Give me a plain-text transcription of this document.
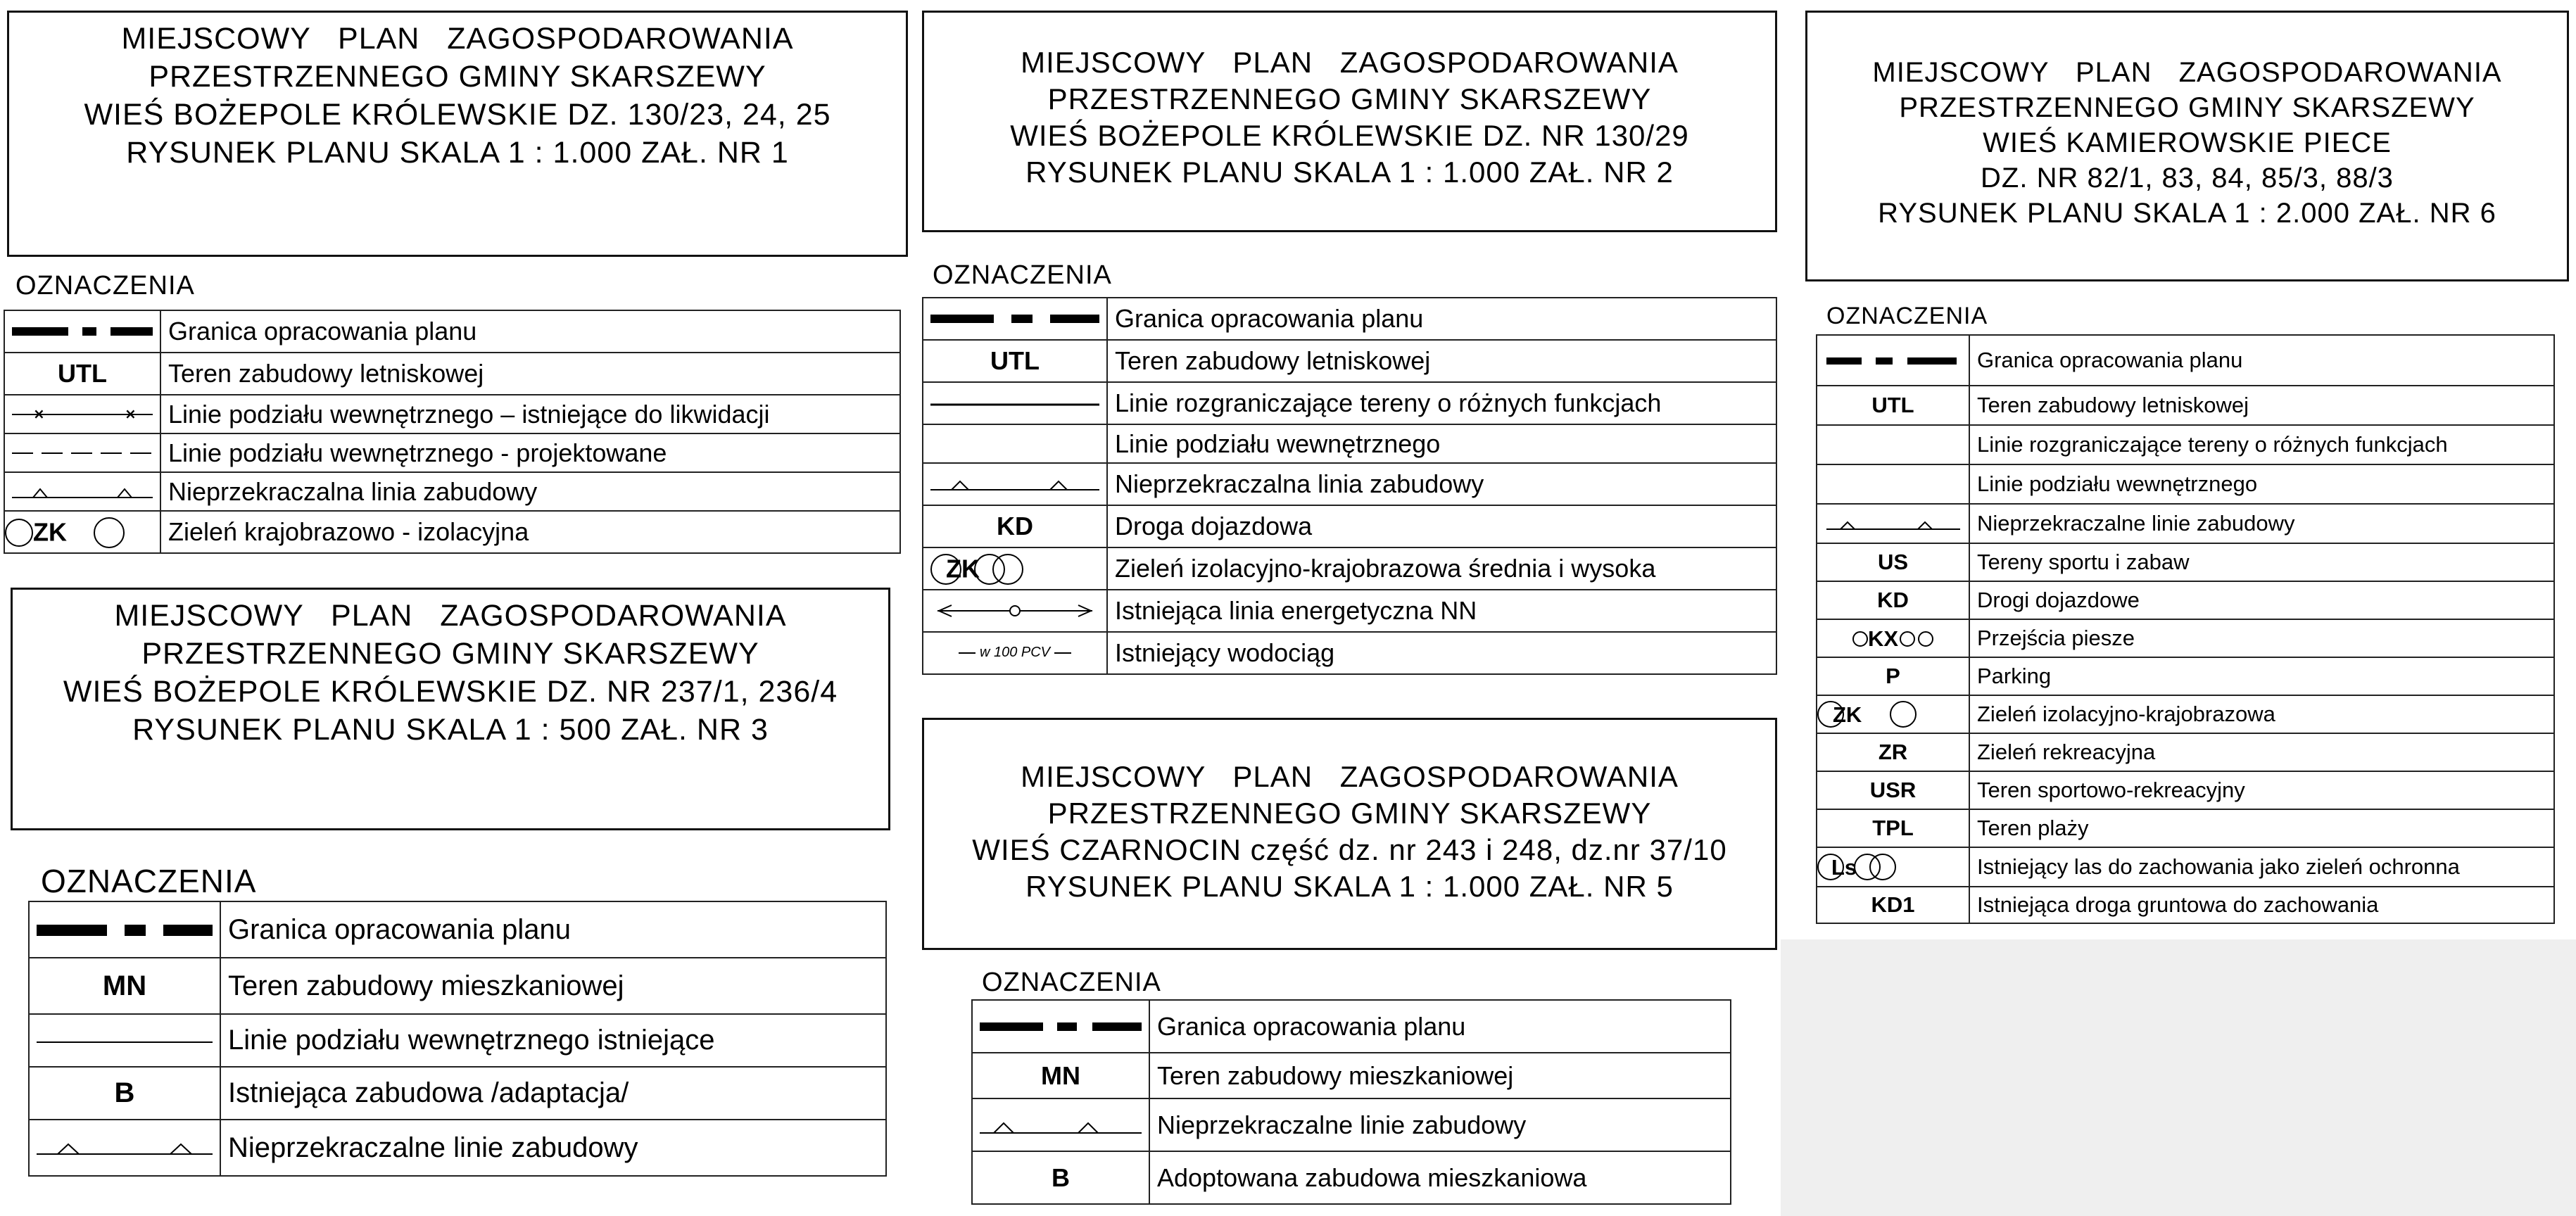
MIEJSCOWY PLAN ZAGOSPODAROWANIA
PRZESTRZENNEGO GMINY SKARSZEWY
WIEŚ BOŻEPOLE KRÓLEWSKIE DZ. 130/23, 24, 25
RYSUNEK PLANU SKALA 1 : 1.000 ZAŁ. NR 1
OZNACZENIA
	Granica opracowania planu
UTL	Teren zabudowy letniskowej

× ×	Linie podziału wewnętrznego – istniejące do likwidacji

	Linie podziału wewnętrznego - projektowane

	Nieprzekraczalna linia zabudowy
ZK	Zieleń krajobrazowo - izolacyjna
MIEJSCOWY PLAN ZAGOSPODAROWANIA
PRZESTRZENNEGO GMINY SKARSZEWY
WIEŚ BOŻEPOLE KRÓLEWSKIE DZ. NR 237/1, 236/4
RYSUNEK PLANU SKALA 1 : 500 ZAŁ. NR 3
OZNACZENIA
	Granica opracowania planu
MN	Teren zabudowy mieszkaniowej

	Linie podziału wewnętrznego istniejące
B	Istniejąca zabudowa /adaptacja/

	Nieprzekraczalne linie zabudowy
MIEJSCOWY PLAN ZAGOSPODAROWANIA
PRZESTRZENNEGO GMINY SKARSZEWY
WIEŚ BOŻEPOLE KRÓLEWSKIE DZ. NR 130/29
RYSUNEK PLANU SKALA 1 : 1.000 ZAŁ. NR 2
OZNACZENIA
	Granica opracowania planu
UTL	Teren zabudowy letniskowej

	Linie rozgraniczające tereny o różnych funkcjach
	Linie podziału wewnętrznego

	Nieprzekraczalna linia zabudowy
KD	Droga dojazdowa
ZK	Zieleń izolacyjno-krajobrazowa średnia i wysoka

	Istniejąca linia energetyczna NN
w 100 PCV	Istniejący wodociąg
MIEJSCOWY PLAN ZAGOSPODAROWANIA
PRZESTRZENNEGO GMINY SKARSZEWY
WIEŚ CZARNOCIN część dz. nr 243 i 248, dz.nr 37/10
RYSUNEK PLANU SKALA 1 : 1.000 ZAŁ. NR 5
OZNACZENIA
	Granica opracowania planu
MN	Teren zabudowy mieszkaniowej

	Nieprzekraczalne linie zabudowy
B	Adoptowana zabudowa mieszkaniowa
MIEJSCOWY PLAN ZAGOSPODAROWANIA
PRZESTRZENNEGO GMINY SKARSZEWY
WIEŚ KAMIEROWSKIE PIECE
DZ. NR 82/1, 83, 84, 85/3, 88/3
RYSUNEK PLANU SKALA 1 : 2.000 ZAŁ. NR 6
OZNACZENIA
	Granica opracowania planu
UTL	Teren zabudowy letniskowej
	Linie rozgraniczające tereny o różnych funkcjach
	Linie podziału wewnętrznego

	Nieprzekraczalne linie zabudowy
US	Tereny sportu i zabaw
KD	Drogi dojazdowe
KX	Przejścia piesze
P	Parking
ZK	Zieleń izolacyjno-krajobrazowa
ZR	Zieleń rekreacyjna
USR	Teren sportowo-rekreacyjny
TPL	Teren plaży
Ls	Istniejący las do zachowania jako zieleń ochronna
KD1	Istniejąca droga gruntowa do zachowania
